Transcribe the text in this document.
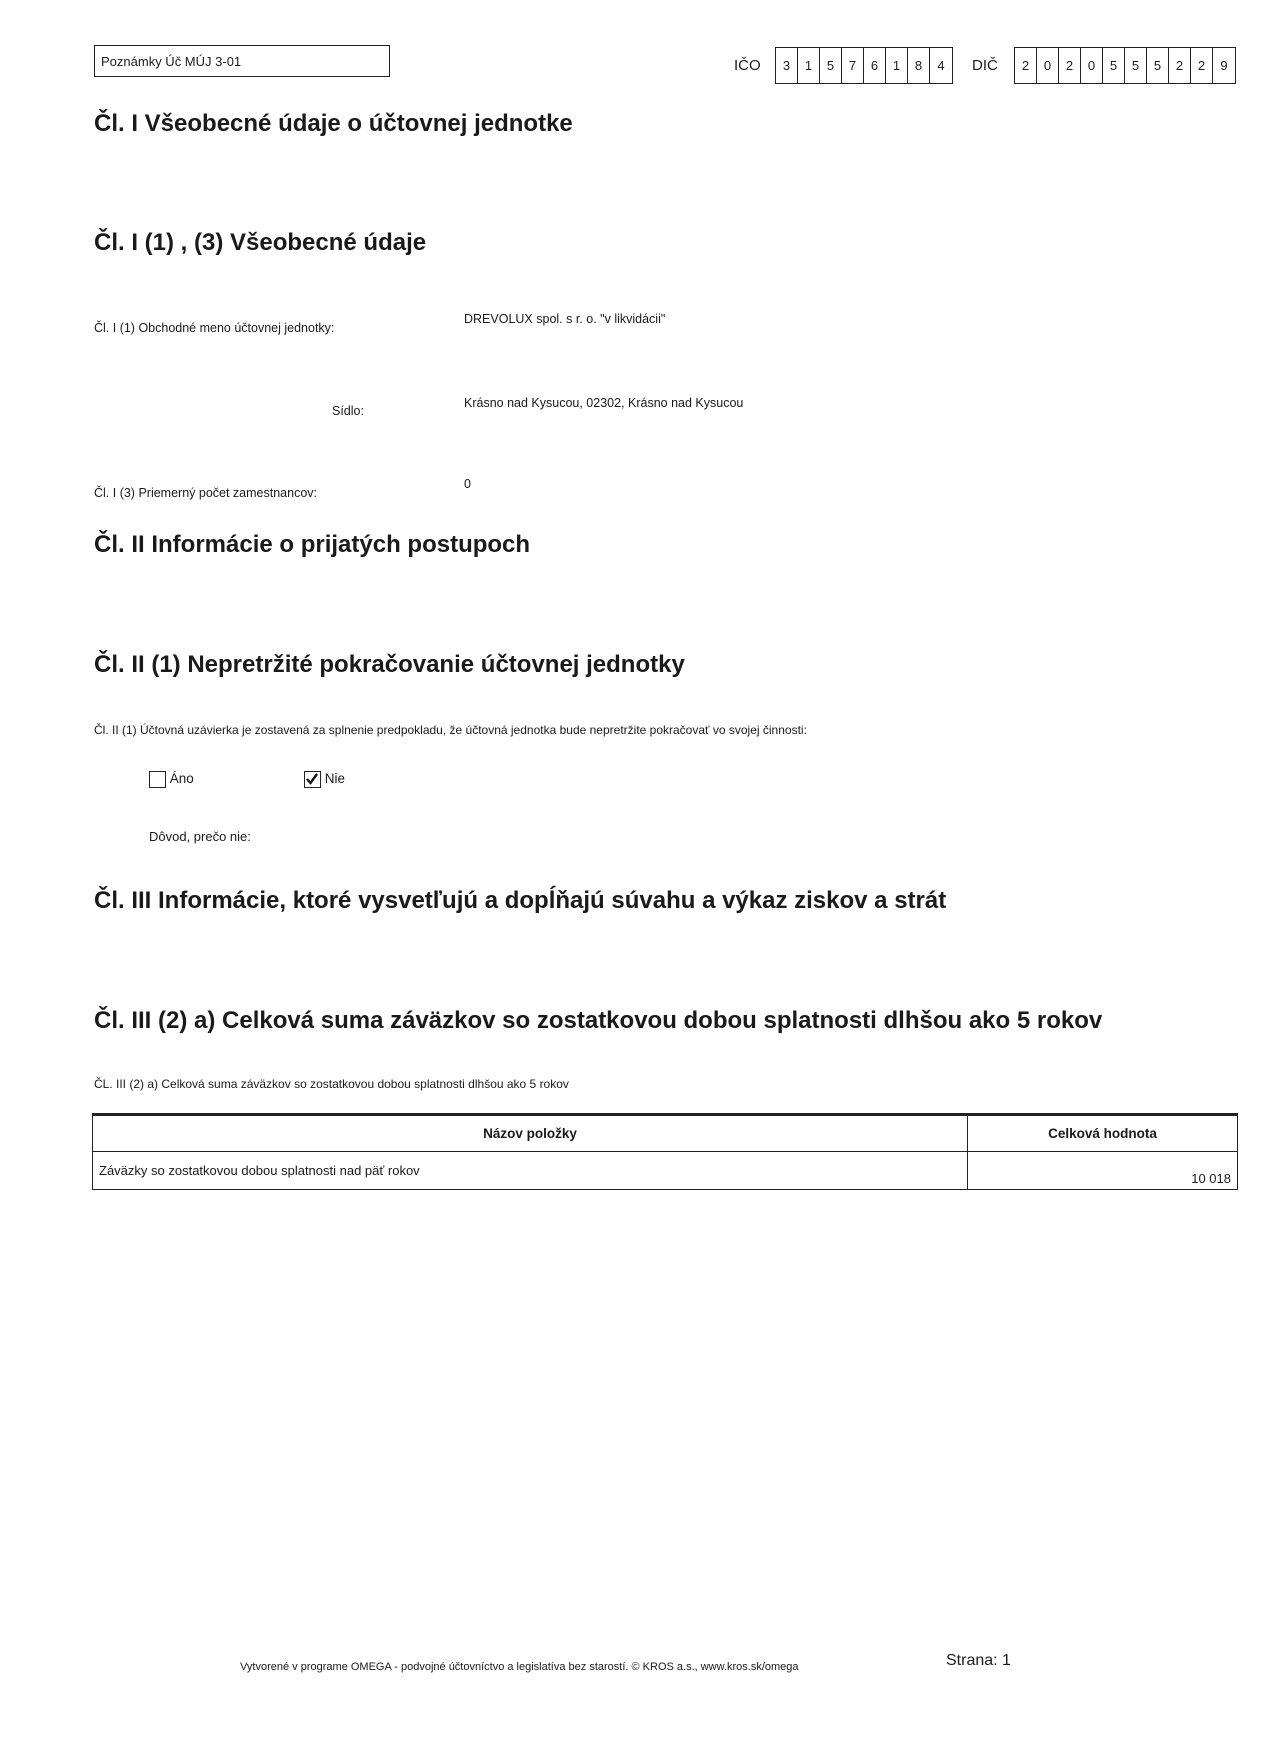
Poznámky Úč MÚJ 3-01	IČO	3	1	5	7	6	1	8	4	DIČ	2	0	2	0	5	5	5	2	2	9
Čl. I Všeobecné údaje o účtovnej jednotke
Čl. I (1) , (3) Všeobecné údaje
Čl. I (1) Obchodné meno účtovnej jednotky:
DREVOLUX spol. s r. o. "v likvidácii"
Sídlo:
Krásno nad Kysucou, 02302, Krásno nad Kysucou
Čl. I (3) Priemerný počet zamestnancov:
0
Čl. II Informácie o prijatých postupoch
Čl. II (1) Nepretržité pokračovanie účtovnej jednotky
Čl. II (1) Účtovná uzávierka je zostavená za splnenie predpokladu, že účtovná jednotka bude nepretržite pokračovať vo svojej činnosti:
Áno	Nie
Dôvod, prečo nie:
Čl. III Informácie, ktoré vysvetľujú a dopĺňajú súvahu a výkaz ziskov a strát
Čl. III (2) a) Celková suma záväzkov so zostatkovou dobou splatnosti dlhšou ako 5 rokov
ČL. III (2) a) Celková suma záväzkov so zostatkovou dobou splatnosti dlhšou ako 5 rokov
Názov položky	Celková hodnota
Záväzky so zostatkovou dobou splatnosti nad päť rokov	10 018
Vytvorené v programe OMEGA - podvojné účtovníctvo a legislatíva bez starostí. © KROS a.s., www.kros.sk/omega	Strana: 1
